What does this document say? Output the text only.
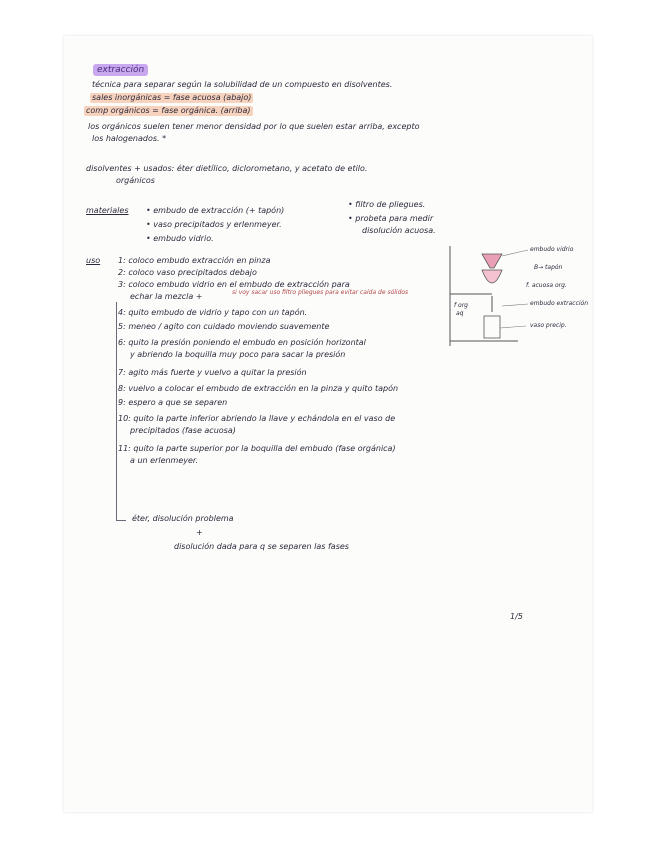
extracción
técnica para separar según la solubilidad de un compuesto en disolventes.
sales inorgánicas = fase acuosa (abajo)
comp orgánicos = fase orgánica. (arriba)
los orgánicos suelen tener menor densidad por lo que suelen estar arriba, excepto
los halogenados. *
disolventes + usados: éter dietílico, diclorometano, y acetato de etilo.
orgánicos
materiales • embudo de extracción (+ tapón)
• vaso precipitados y erlenmeyer.
• embudo vidrio.
• filtro de pliegues.
• probeta para medir
disolución acuosa.
uso 1: coloco embudo extracción en pinza
2: coloco vaso precipitados debajo
3: coloco embudo vidrio en el embudo de extracción para
echar la mezcla +	si voy sacar uso filtro pliegues para evitar caída de sólidos
4: quito embudo de vidrio y tapo con un tapón.
5: meneo / agito con cuidado moviendo suavemente
6: quito la presión poniendo el embudo en posición horizontal
y abriendo la boquilla muy poco para sacar la presión
7: agito más fuerte y vuelvo a quitar la presión
8: vuelvo a colocar el embudo de extracción en la pinza y quito tapón
9: espero a que se separen
10: quito la parte inferior abriendo la llave y echándola en el vaso de
precipitados (fase acuosa)
11: quito la parte superior por la boquilla del embudo (fase orgánica)
a un erlenmeyer.
éter, disolución problema
+
disolución dada para q se separen las fases
1/5
embudo vidrio
B→ tapón
f. acuosa org.
f org
aq
embudo extracción
vaso precip.
